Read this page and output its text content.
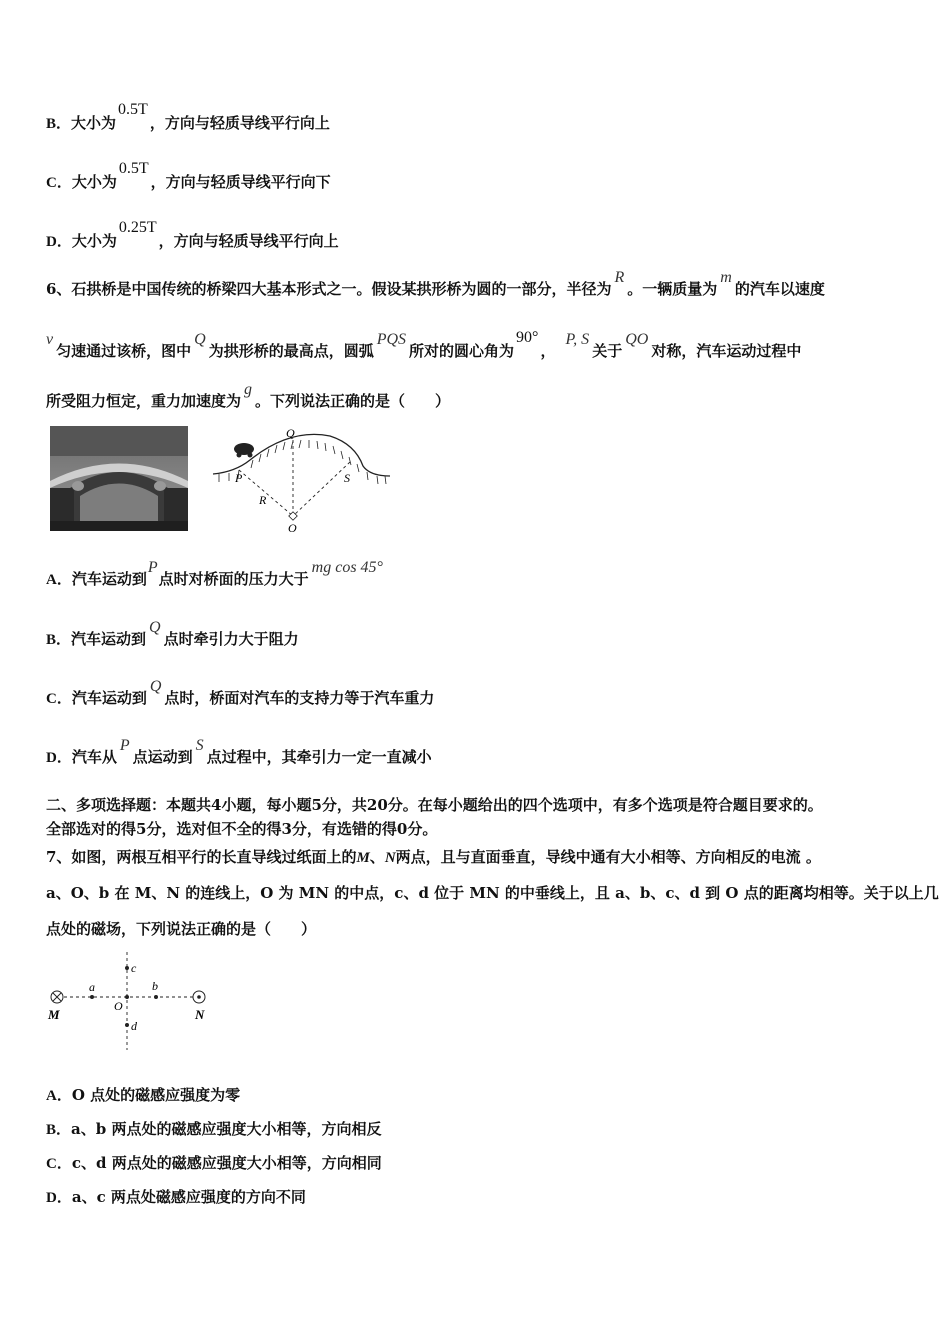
B．大小为0.5T，方向与轻质导线平行向上
C．大小为0.5T，方向与轻质导线平行向下
D．大小为0.25T，方向与轻质导线平行向上
6、石拱桥是中国传统的桥梁四大基本形式之一。假设某拱形桥为圆的一部分，半径为R。一辆质量为m的汽车以速度
v匀速通过该桥，图中Q为拱形桥的最高点，圆弧PQS所对的圆心角为90°，P, S关于QO对称，汽车运动过程中
所受阻力恒定，重力加速度为g。下列说法正确的是（　　）
Q
P	S
R
O
A．汽车运动到P点时对桥面的压力大于mg cos 45°
B．汽车运动到Q点时牵引力大于阻力
C．汽车运动到Q点时，桥面对汽车的支持力等于汽车重力
D．汽车从P点运动到S点过程中，其牵引力一定一直减小
二、多项选择题：本题共4小题，每小题5分，共20分。在每小题给出的四个选项中，有多个选项是符合题目要求的。
全部选对的得5分，选对但不全的得3分，有选错的得0分。
7、如图，两根互相平行的长直导线过纸面上的M、N两点，且与直面垂直，导线中通有大小相等、方向相反的电流 。
a、O、b 在 M、N 的连线上，O 为 MN 的中点，c、d 位于 MN 的中垂线上，且 a、b、c、d 到 O 点的距离均相等。关于以上几
点处的磁场，下列说法正确的是（　　）
M	N
a	b
c
d
O
A．O 点处的磁感应强度为零
B．a、b 两点处的磁感应强度大小相等，方向相反
C．c、d 两点处的磁感应强度大小相等，方向相同
D．a、c 两点处磁感应强度的方向不同
